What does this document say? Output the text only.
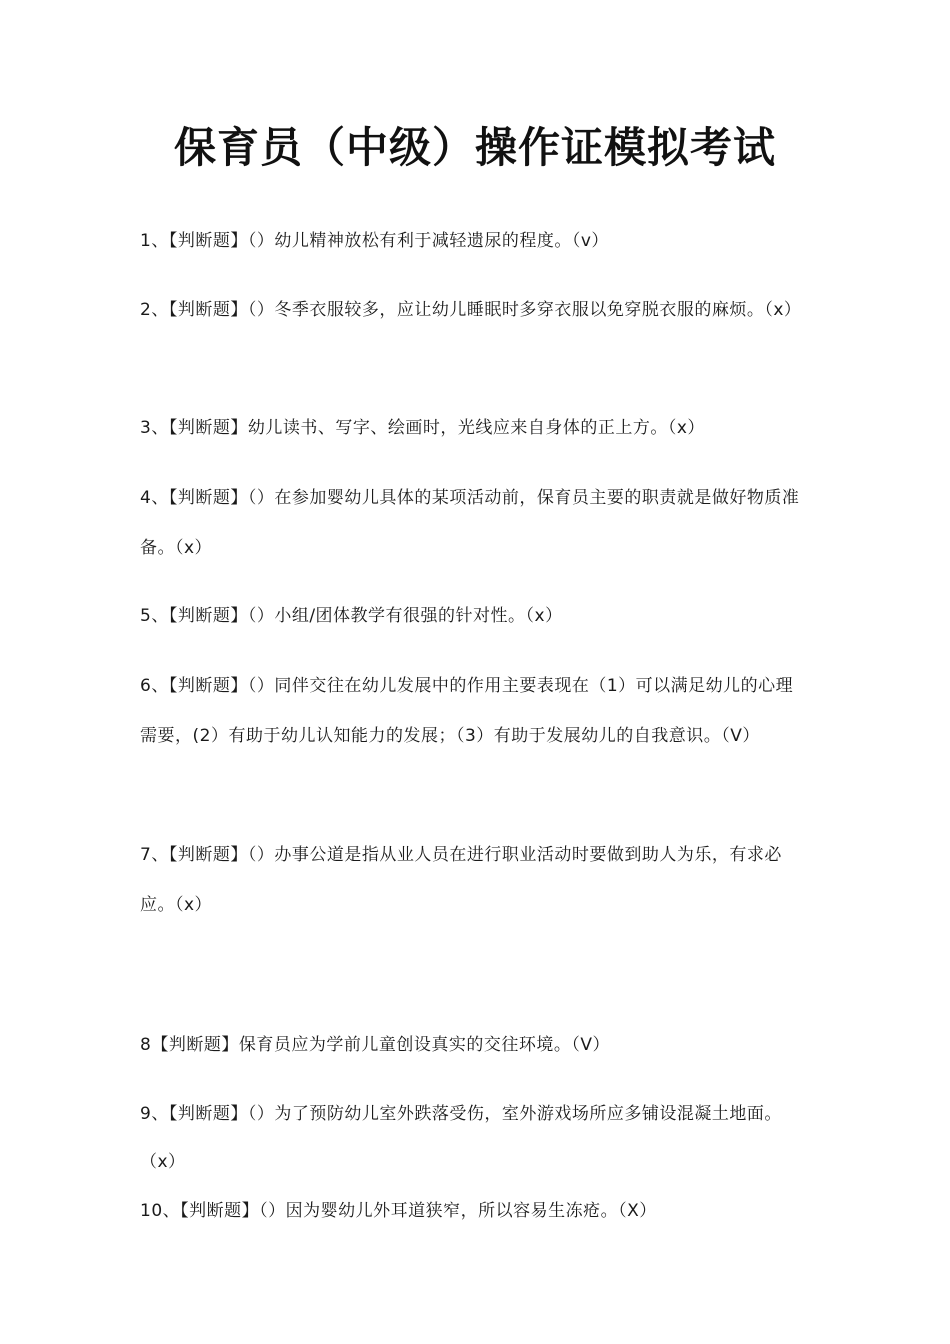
保育员（中级）操作证模拟考试
1、【判断题】（）幼儿精神放松有利于减轻遗尿的程度。（v）
2、【判断题】（）冬季衣服较多，应让幼儿睡眠时多穿衣服以免穿脱衣服的麻烦。（x）
3、【判断题】幼儿读书、写字、绘画时，光线应来自身体的正上方。（x）
4、【判断题】（）在参加婴幼儿具体的某项活动前，保育员主要的职责就是做好物质准备。（x）
5、【判断题】（）小组/团体教学有很强的针对性。（x）
6、【判断题】（）同伴交往在幼儿发展中的作用主要表现在（1）可以满足幼儿的心理需要，(2）有助于幼儿认知能力的发展；（3）有助于发展幼儿的自我意识。（V）
7、【判断题】（）办事公道是指从业人员在进行职业活动时要做到助人为乐，有求必应。（x）
8【判断题】保育员应为学前儿童创设真实的交往环境。（V）
9、【判断题】（）为了预防幼儿室外跌落受伤，室外游戏场所应多铺设混凝土地面。（x）
10、【判断题】（）因为婴幼儿外耳道狭窄，所以容易生冻疮。（X）
